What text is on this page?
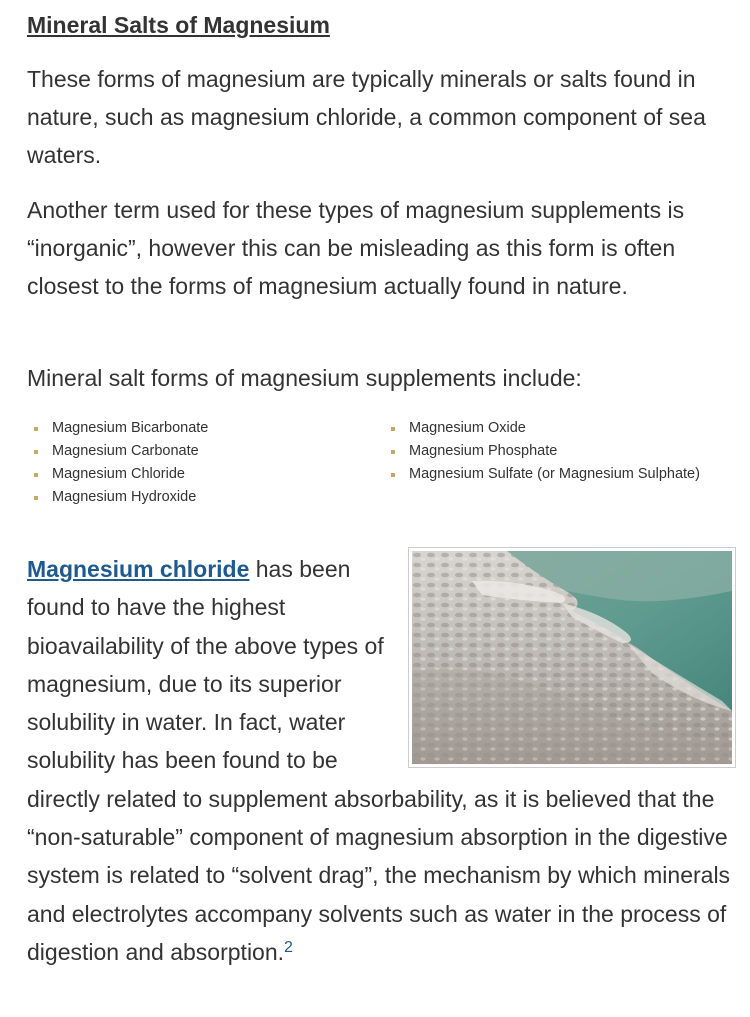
Mineral Salts of Magnesium

These forms of magnesium are typically minerals or salts found in nature, such as magnesium chloride, a common component of sea waters.

Another term used for these types of magnesium supplements is “inorganic”, however this can be misleading as this form is often closest to the forms of magnesium actually found in nature.

Mineral salt forms of magnesium supplements include:

Magnesium Bicarbonate
Magnesium Carbonate
Magnesium Chloride
Magnesium Hydroxide
Magnesium Oxide
Magnesium Phosphate
Magnesium Sulfate (or Magnesium Sulphate)

Magnesium chloride has been found to have the highest bioavailability of the above types of magnesium, due to its superior solubility in water. In fact, water solubility has been found to be directly related to supplement absorbability, as it is believed that the “non-saturable” component of magnesium absorption in the digestive system is related to “solvent drag”, the mechanism by which minerals and electrolytes accompany solvents such as water in the process of digestion and absorption.$^2$
